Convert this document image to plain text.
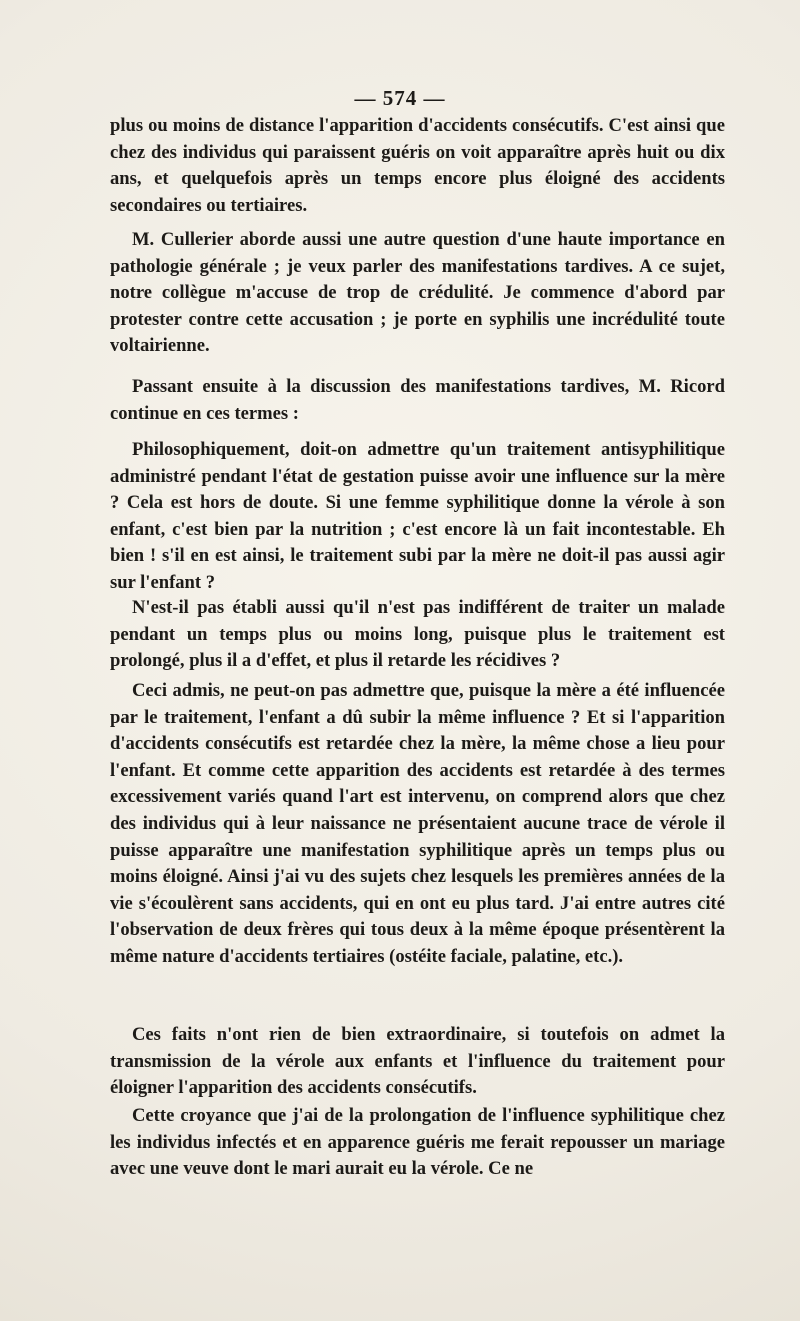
— 574 —

plus ou moins de distance l'apparition d'accidents consécutifs. C'est ainsi que chez des individus qui paraissent guéris on voit apparaître après huit ou dix ans, et quelquefois après un temps encore plus éloigné des accidents secondaires ou tertiaires.

M. Cullerier aborde aussi une autre question d'une haute importance en pathologie générale ; je veux parler des manifestations tardives. A ce sujet, notre collègue m'accuse de trop de crédulité. Je commence d'abord par protester contre cette accusation ; je porte en syphilis une incrédulité toute voltairienne.

Passant ensuite à la discussion des manifestations tardives, M. Ricord continue en ces termes :

Philosophiquement, doit-on admettre qu'un traitement antisyphilitique administré pendant l'état de gestation puisse avoir une influence sur la mère ? Cela est hors de doute. Si une femme syphilitique donne la vérole à son enfant, c'est bien par la nutrition ; c'est encore là un fait incontestable. Eh bien ! s'il en est ainsi, le traitement subi par la mère ne doit-il pas aussi agir sur l'enfant ?

N'est-il pas établi aussi qu'il n'est pas indifférent de traiter un malade pendant un temps plus ou moins long, puisque plus le traitement est prolongé, plus il a d'effet, et plus il retarde les récidives ?

Ceci admis, ne peut-on pas admettre que, puisque la mère a été influencée par le traitement, l'enfant a dû subir la même influence ? Et si l'apparition d'accidents consécutifs est retardée chez la mère, la même chose a lieu pour l'enfant. Et comme cette apparition des accidents est retardée à des termes excessivement variés quand l'art est intervenu, on comprend alors que chez des individus qui à leur naissance ne présentaient aucune trace de vérole il puisse apparaître une manifestation syphilitique après un temps plus ou moins éloigné. Ainsi j'ai vu des sujets chez lesquels les premières années de la vie s'écoulèrent sans accidents, qui en ont eu plus tard. J'ai entre autres cité l'observation de deux frères qui tous deux à la même époque présentèrent la même nature d'accidents tertiaires (ostéite faciale, palatine, etc.).

Ces faits n'ont rien de bien extraordinaire, si toutefois on admet la transmission de la vérole aux enfants et l'influence du traitement pour éloigner l'apparition des accidents consécutifs.

Cette croyance que j'ai de la prolongation de l'influence syphilitique chez les individus infectés et en apparence guéris me ferait repousser un mariage avec une veuve dont le mari aurait eu la vérole. Ce ne
